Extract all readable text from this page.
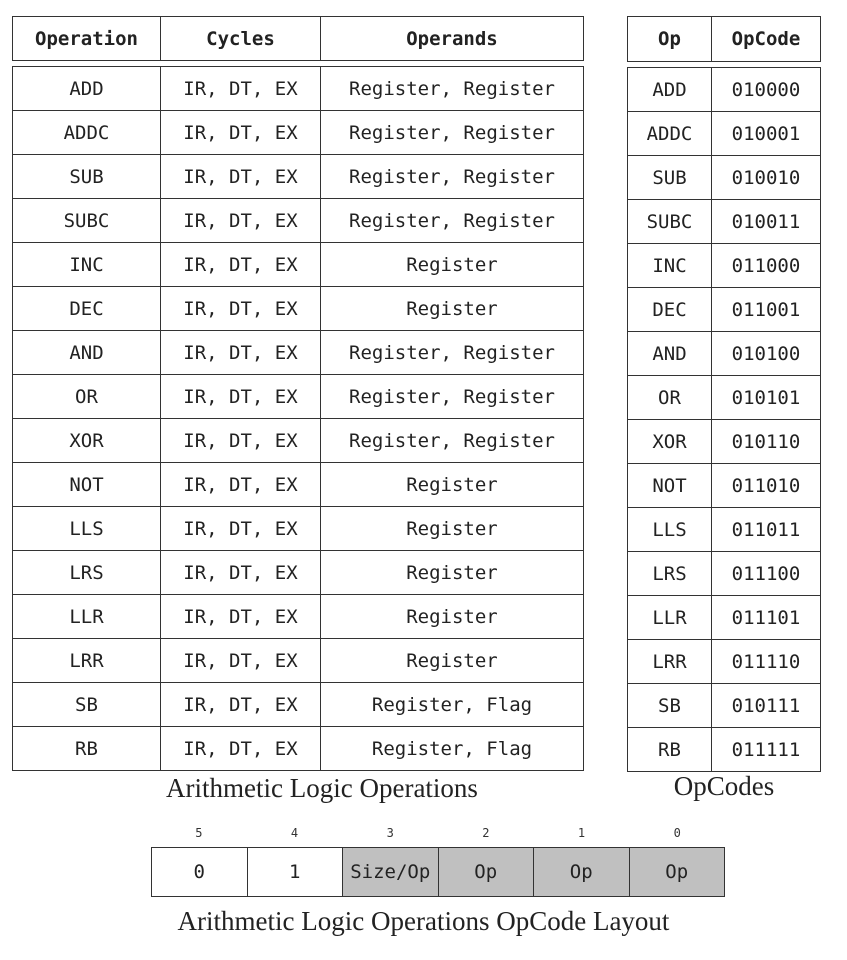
Operation	Cycles	Operands
ADD	IR, DT, EX	Register, Register
ADDC	IR, DT, EX	Register, Register
SUB	IR, DT, EX	Register, Register
SUBC	IR, DT, EX	Register, Register
INC	IR, DT, EX	Register
DEC	IR, DT, EX	Register
AND	IR, DT, EX	Register, Register
OR	IR, DT, EX	Register, Register
XOR	IR, DT, EX	Register, Register
NOT	IR, DT, EX	Register
LLS	IR, DT, EX	Register
LRS	IR, DT, EX	Register
LLR	IR, DT, EX	Register
LRR	IR, DT, EX	Register
SB	IR, DT, EX	Register, Flag
RB	IR, DT, EX	Register, Flag
Arithmetic Logic Operations
Op	OpCode
ADD	010000
ADDC	010001
SUB	010010
SUBC	010011
INC	011000
DEC	011001
AND	010100
OR	010101
XOR	010110
NOT	011010
LLS	011011
LRS	011100
LLR	011101
LRR	011110
SB	010111
RB	011111
OpCodes
5	4	3	2	1	0
0	1	Size/Op	Op	Op	Op
Arithmetic Logic Operations OpCode Layout
